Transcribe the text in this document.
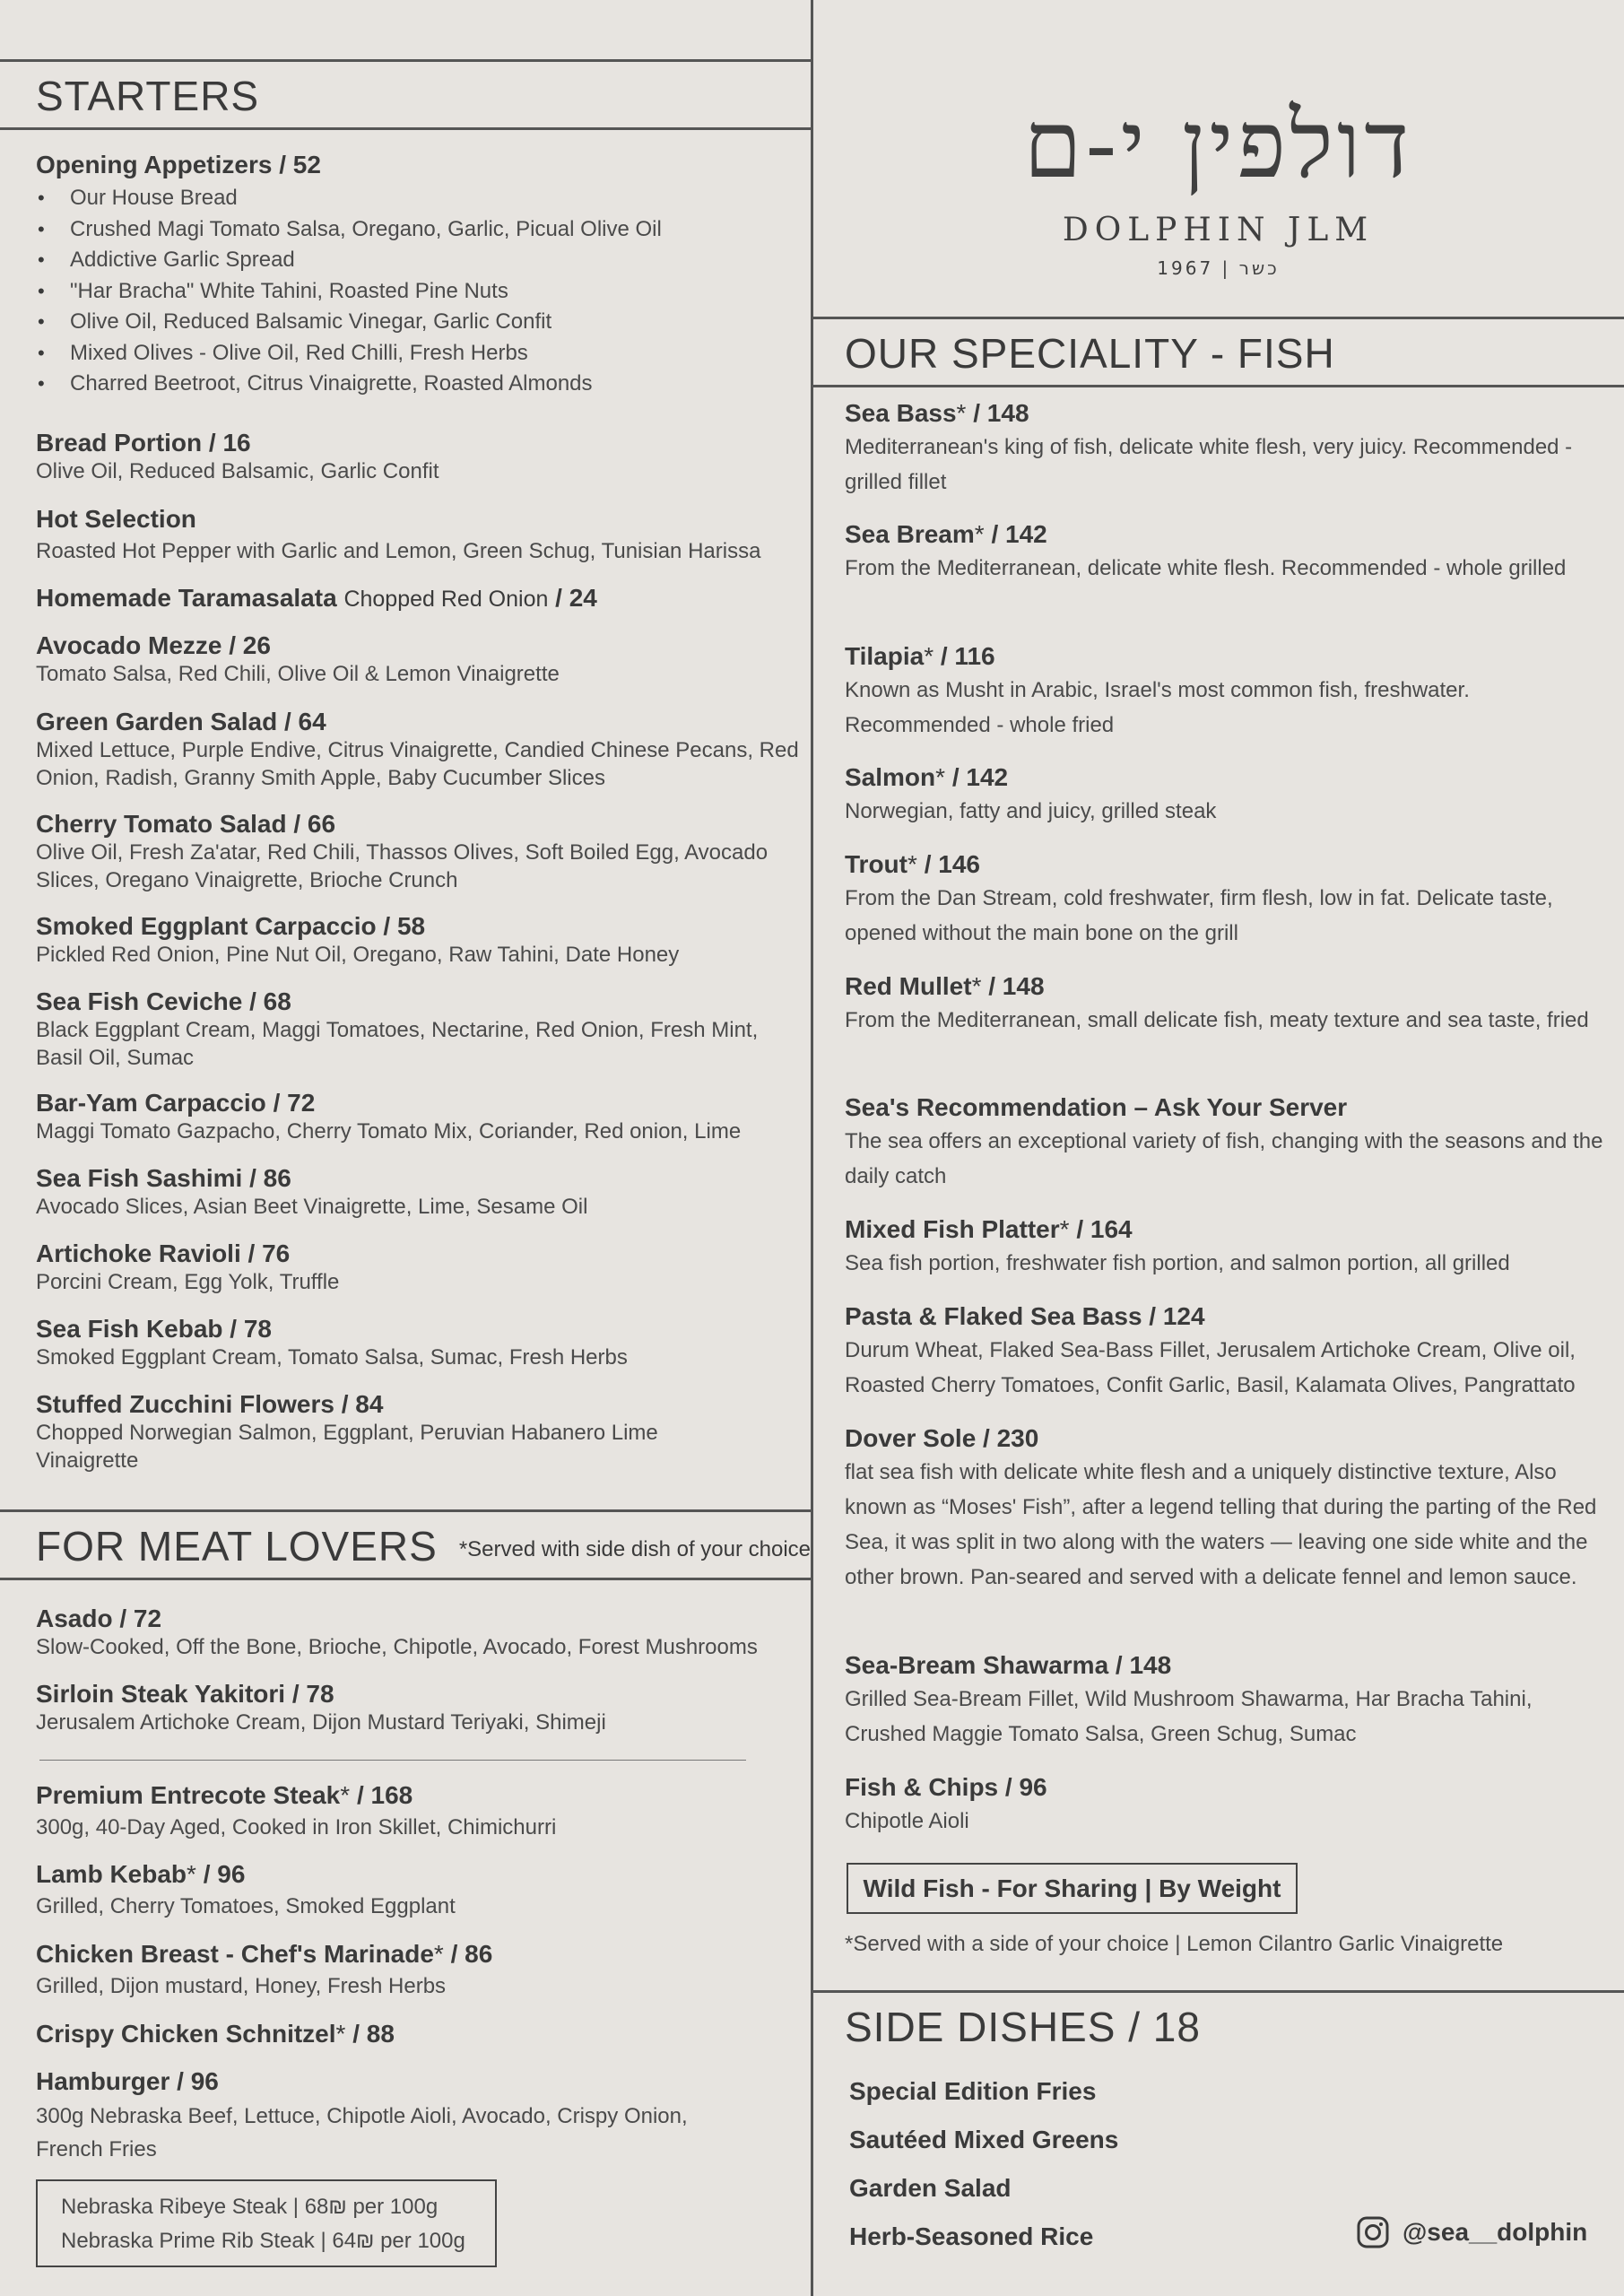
STARTERS
Opening Appetizers / 52
• Our House Bread
• Crushed Magi Tomato Salsa, Oregano, Garlic, Picual Olive Oil
• Addictive Garlic Spread
• "Har Bracha" White Tahini, Roasted Pine Nuts
• Olive Oil, Reduced Balsamic Vinegar, Garlic Confit
• Mixed Olives - Olive Oil, Red Chilli, Fresh Herbs
• Charred Beetroot, Citrus Vinaigrette, Roasted Almonds
Bread Portion / 16
Olive Oil, Reduced Balsamic, Garlic Confit
Hot Selection
Roasted Hot Pepper with Garlic and Lemon, Green Schug, Tunisian Harissa
Homemade Taramasalata Chopped Red Onion / 24
Avocado Mezze / 26
Tomato Salsa, Red Chili, Olive Oil & Lemon Vinaigrette
Green Garden Salad / 64
Mixed Lettuce, Purple Endive, Citrus Vinaigrette, Candied Chinese Pecans, Red Onion, Radish, Granny Smith Apple, Baby Cucumber Slices
Cherry Tomato Salad / 66
Olive Oil, Fresh Za'atar, Red Chili, Thassos Olives, Soft Boiled Egg, Avocado Slices, Oregano Vinaigrette, Brioche Crunch
Smoked Eggplant Carpaccio / 58
Pickled Red Onion, Pine Nut Oil, Oregano, Raw Tahini, Date Honey
Sea Fish Ceviche / 68
Black Eggplant Cream, Maggi Tomatoes, Nectarine, Red Onion, Fresh Mint, Basil Oil, Sumac
Bar-Yam Carpaccio / 72
Maggi Tomato Gazpacho, Cherry Tomato Mix, Coriander, Red onion, Lime
Sea Fish Sashimi / 86
Avocado Slices, Asian Beet Vinaigrette, Lime, Sesame Oil
Artichoke Ravioli / 76
Porcini Cream, Egg Yolk, Truffle
Sea Fish Kebab / 78
Smoked Eggplant Cream, Tomato Salsa, Sumac, Fresh Herbs
Stuffed Zucchini Flowers / 84
Chopped Norwegian Salmon, Eggplant, Peruvian Habanero Lime Vinaigrette
FOR MEAT LOVERS *Served with side dish of your choice
Asado / 72
Slow-Cooked, Off the Bone, Brioche, Chipotle, Avocado, Forest Mushrooms
Sirloin Steak Yakitori / 78
Jerusalem Artichoke Cream, Dijon Mustard Teriyaki, Shimeji
Premium Entrecote Steak* / 168
300g, 40-Day Aged, Cooked in Iron Skillet, Chimichurri
Lamb Kebab* / 96
Grilled, Cherry Tomatoes, Smoked Eggplant
Chicken Breast - Chef's Marinade* / 86
Grilled, Dijon mustard, Honey, Fresh Herbs
Crispy Chicken Schnitzel* / 88
Hamburger / 96
300g Nebraska Beef, Lettuce, Chipotle Aioli, Avocado, Crispy Onion, French Fries
Nebraska Ribeye Steak | 68₪ per 100g
Nebraska Prime Rib Steak | 64₪ per 100g
דולפין י-ם
DOLPHIN JLM
כשר | 1967
OUR SPECIALITY - FISH
Sea Bass* / 148
Mediterranean's king of fish, delicate white flesh, very juicy. Recommended - grilled fillet
Sea Bream* / 142
From the Mediterranean, delicate white flesh. Recommended - whole grilled
Tilapia* / 116
Known as Musht in Arabic, Israel's most common fish, freshwater. Recommended - whole fried
Salmon* / 142
Norwegian, fatty and juicy, grilled steak
Trout* / 146
From the Dan Stream, cold freshwater, firm flesh, low in fat. Delicate taste, opened without the main bone on the grill
Red Mullet* / 148
From the Mediterranean, small delicate fish, meaty texture and sea taste, fried
Sea's Recommendation – Ask Your Server
The sea offers an exceptional variety of fish, changing with the seasons and the daily catch
Mixed Fish Platter* / 164
Sea fish portion, freshwater fish portion, and salmon portion, all grilled
Pasta & Flaked Sea Bass / 124
Durum Wheat, Flaked Sea-Bass Fillet, Jerusalem Artichoke Cream, Olive oil, Roasted Cherry Tomatoes, Confit Garlic, Basil, Kalamata Olives, Pangrattato
Dover Sole / 230
flat sea fish with delicate white flesh and a uniquely distinctive texture, Also known as “Moses' Fish”, after a legend telling that during the parting of the Red Sea, it was split in two along with the waters — leaving one side white and the other brown. Pan-seared and served with a delicate fennel and lemon sauce.
Sea-Bream Shawarma / 148
Grilled Sea-Bream Fillet, Wild Mushroom Shawarma, Har Bracha Tahini, Crushed Maggie Tomato Salsa, Green Schug, Sumac
Fish & Chips / 96
Chipotle Aioli
Wild Fish - For Sharing | By Weight
*Served with a side of your choice | Lemon Cilantro Garlic Vinaigrette
SIDE DISHES / 18
Special Edition Fries
Sautéed Mixed Greens
Garden Salad
Herb-Seasoned Rice	@sea__dolphin
